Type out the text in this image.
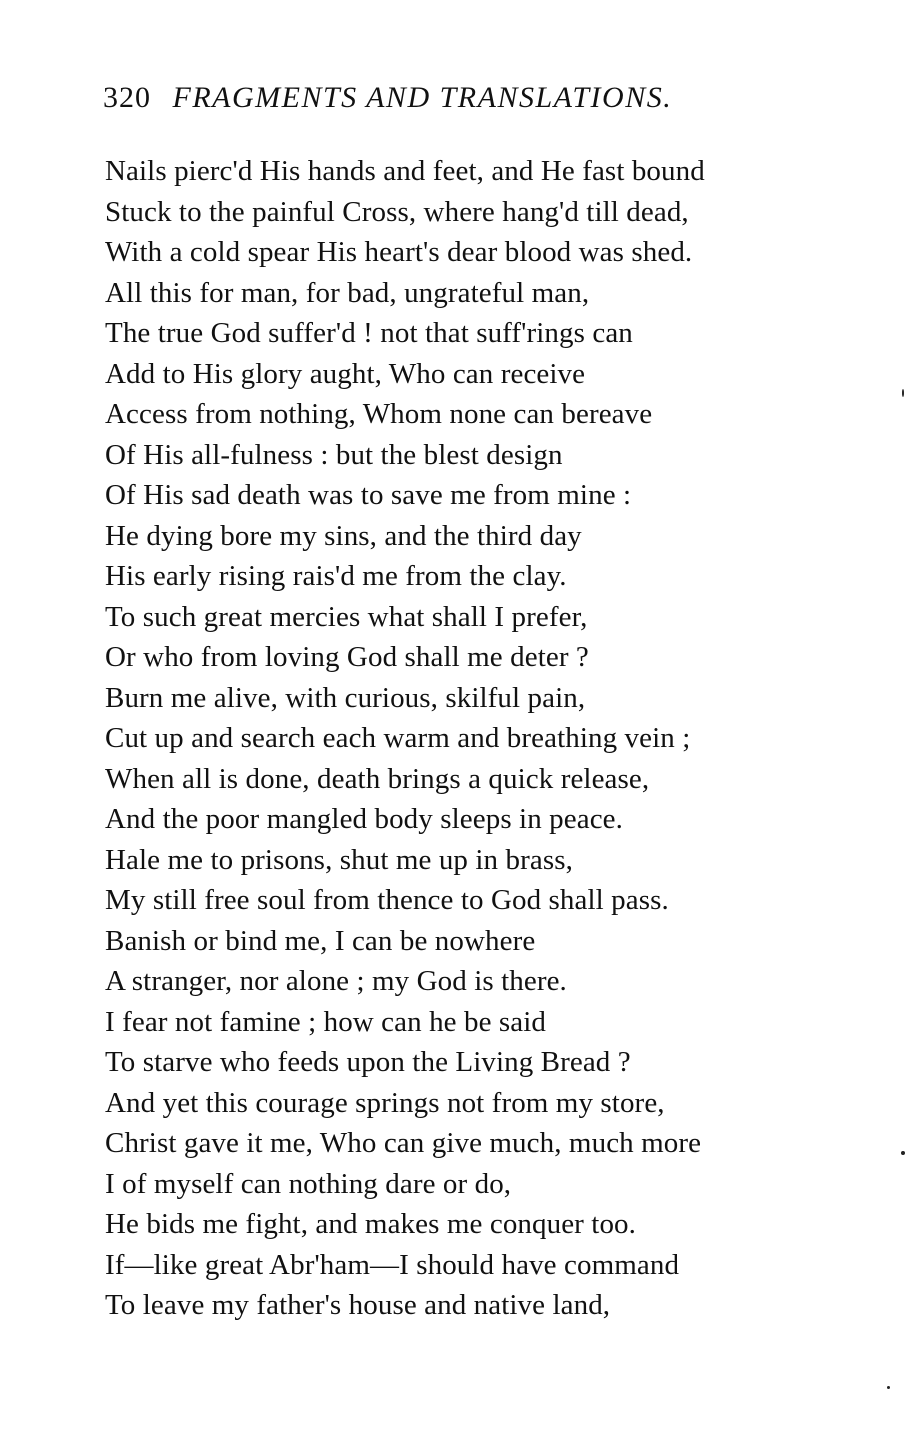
320 FRAGMENTS AND TRANSLATIONS.
Nails pierc'd His hands and feet, and He fast bound
Stuck to the painful Cross, where hang'd till dead,
With a cold spear His heart's dear blood was shed.
All this for man, for bad, ungrateful man,
The true God suffer'd ! not that suff'rings can
Add to His glory aught, Who can receive
Access from nothing, Whom none can bereave
Of His all-fulness : but the blest design
Of His sad death was to save me from mine :
He dying bore my sins, and the third day
His early rising rais'd me from the clay.
To such great mercies what shall I prefer,
Or who from loving God shall me deter ?
Burn me alive, with curious, skilful pain,
Cut up and search each warm and breathing vein ;
When all is done, death brings a quick release,
And the poor mangled body sleeps in peace.
Hale me to prisons, shut me up in brass,
My still free soul from thence to God shall pass.
Banish or bind me, I can be nowhere
A stranger, nor alone ; my God is there.
I fear not famine ; how can he be said
To starve who feeds upon the Living Bread ?
And yet this courage springs not from my store,
Christ gave it me, Who can give much, much more
I of myself can nothing dare or do,
He bids me fight, and makes me conquer too.
If—like great Abr'ham—I should have command
To leave my father's house and native land,
